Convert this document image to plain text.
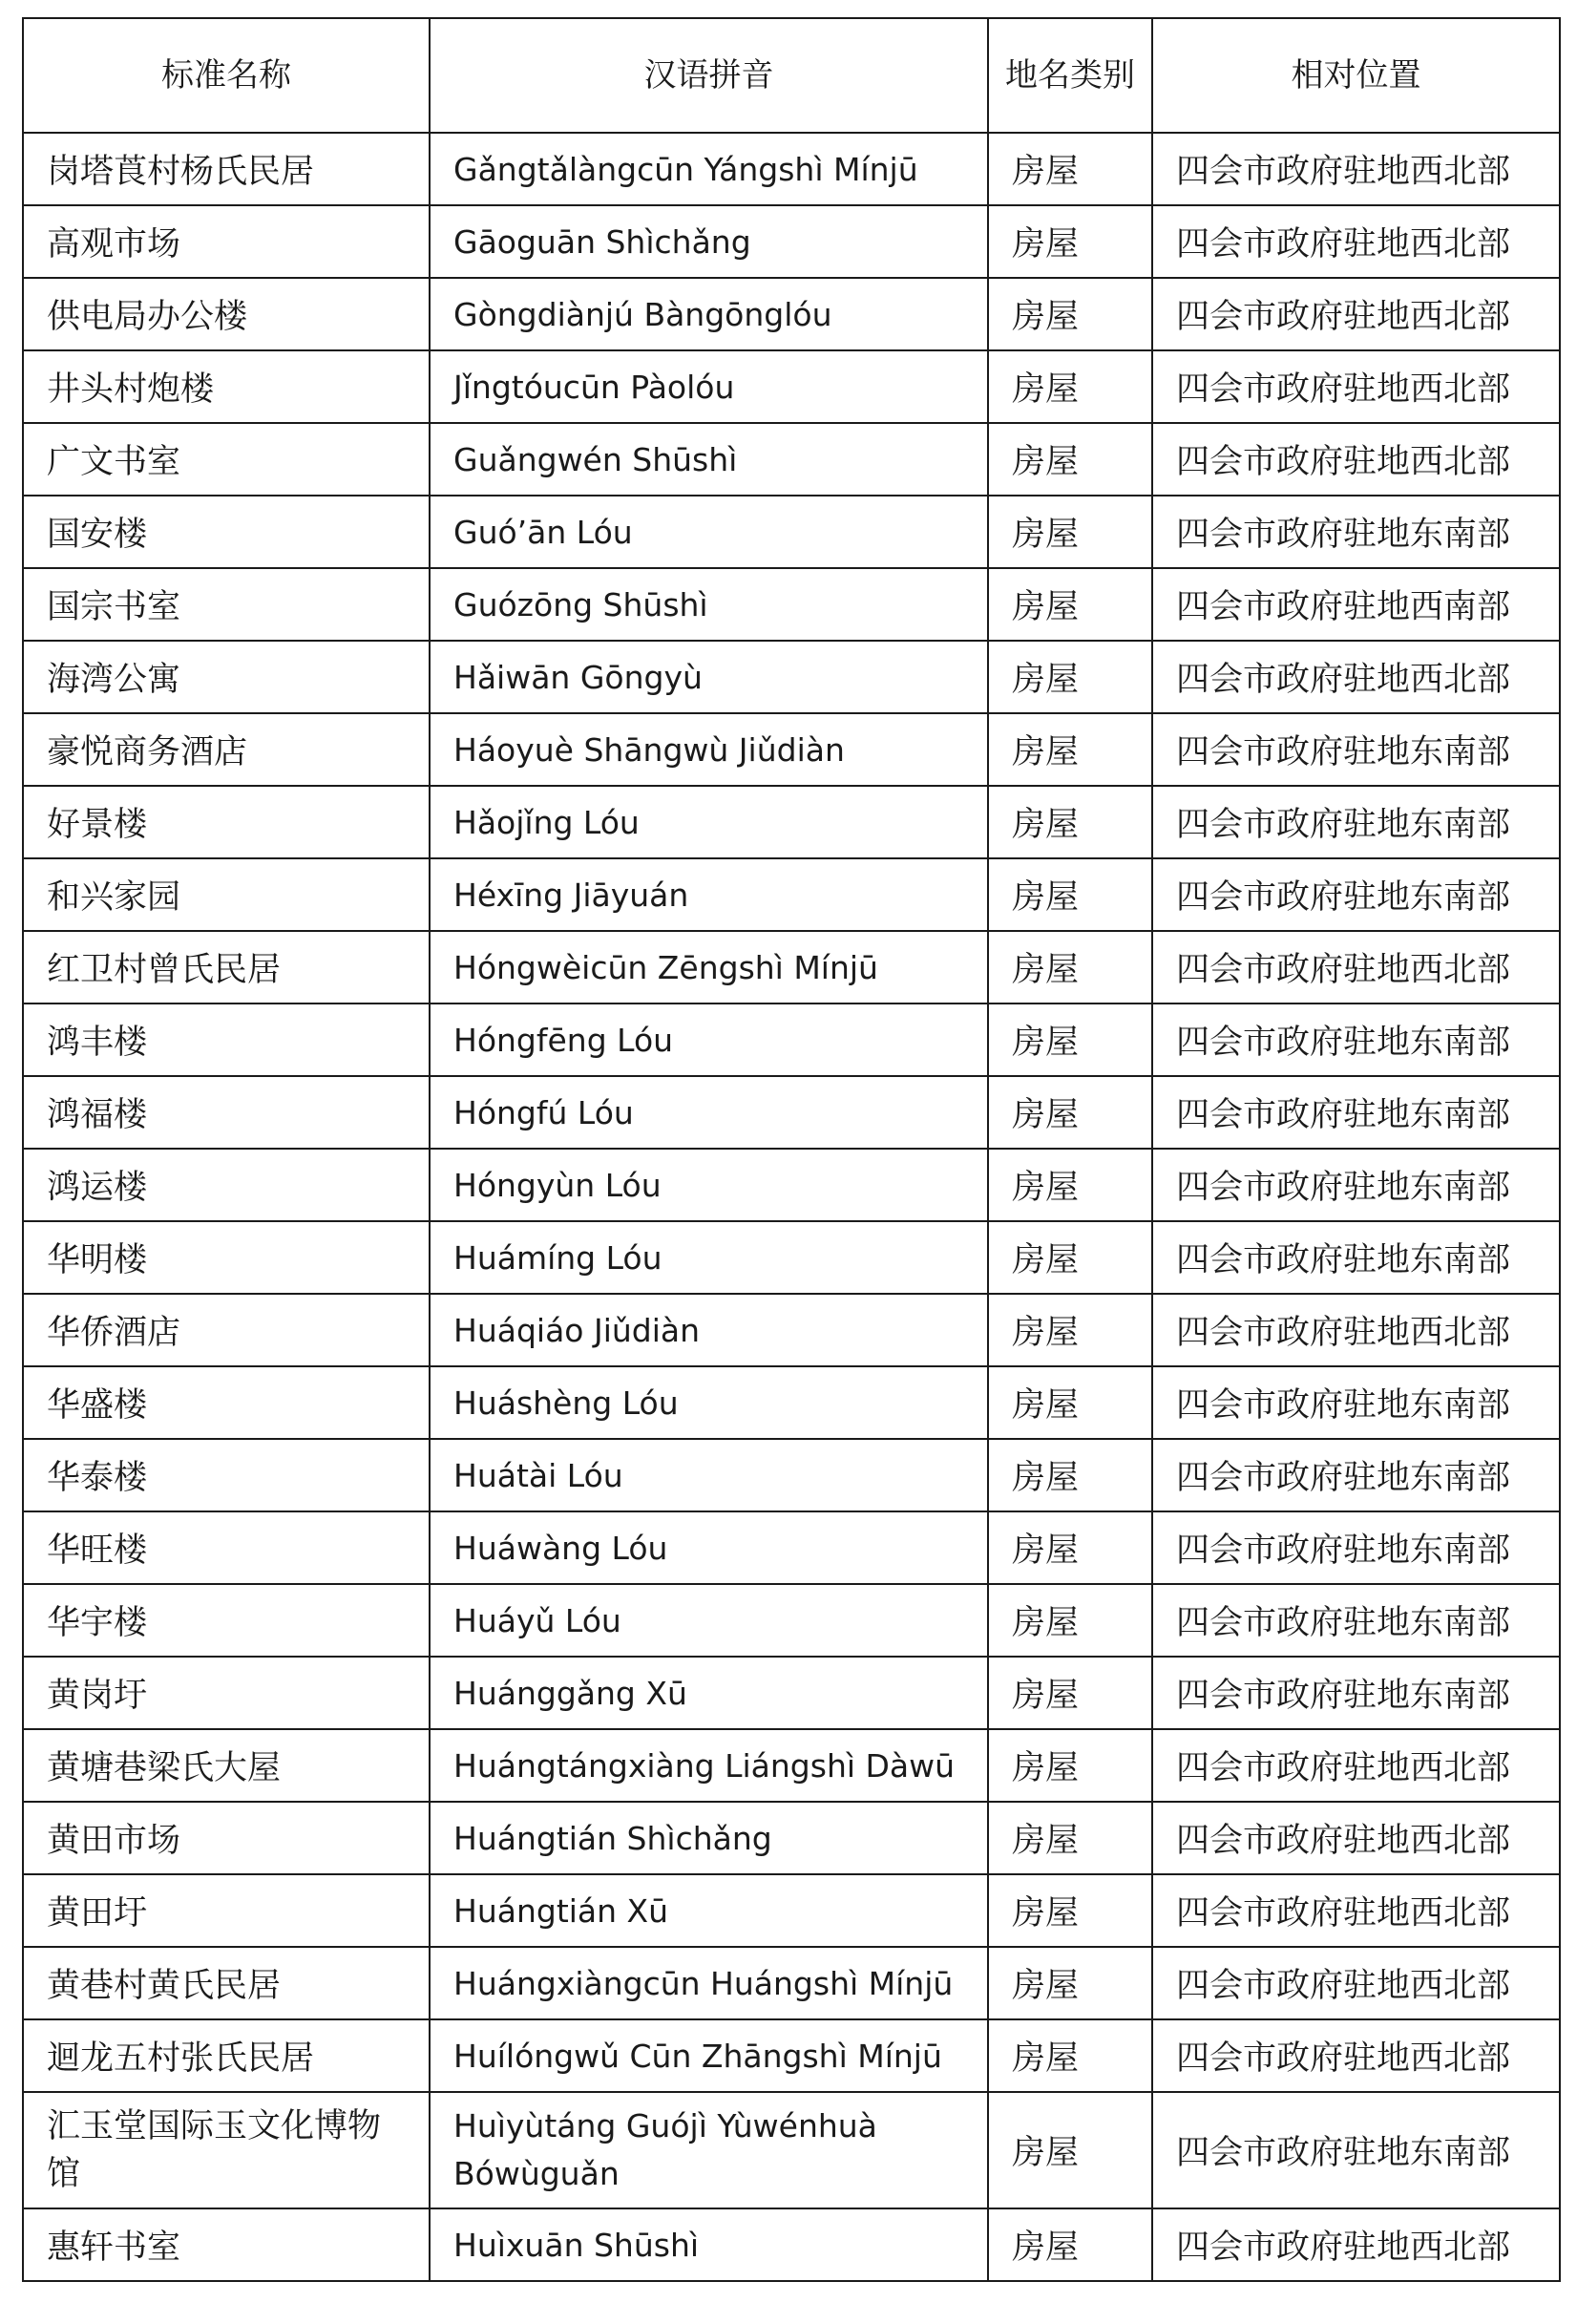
标准名称	汉语拼音	地名类别	相对位置
岗塔莨村杨氏民居	Gǎngtǎlàngcūn Yángshì Mínjū	房屋	四会市政府驻地西北部
高观市场	Gāoguān Shìchǎng	房屋	四会市政府驻地西北部
供电局办公楼	Gòngdiànjú Bàngōnglóu	房屋	四会市政府驻地西北部
井头村炮楼	Jǐngtóucūn Pàolóu	房屋	四会市政府驻地西北部
广文书室	Guǎngwén Shūshì	房屋	四会市政府驻地西北部
国安楼	Guó’ān Lóu	房屋	四会市政府驻地东南部
国宗书室	Guózōng Shūshì	房屋	四会市政府驻地西南部
海湾公寓	Hǎiwān Gōngyù	房屋	四会市政府驻地西北部
豪悦商务酒店	Háoyuè Shāngwù Jiǔdiàn	房屋	四会市政府驻地东南部
好景楼	Hǎojǐng Lóu	房屋	四会市政府驻地东南部
和兴家园	Héxīng Jiāyuán	房屋	四会市政府驻地东南部
红卫村曾氏民居	Hóngwèicūn Zēngshì Mínjū	房屋	四会市政府驻地西北部
鸿丰楼	Hóngfēng Lóu	房屋	四会市政府驻地东南部
鸿福楼	Hóngfú Lóu	房屋	四会市政府驻地东南部
鸿运楼	Hóngyùn Lóu	房屋	四会市政府驻地东南部
华明楼	Huámíng Lóu	房屋	四会市政府驻地东南部
华侨酒店	Huáqiáo Jiǔdiàn	房屋	四会市政府驻地西北部
华盛楼	Huáshèng Lóu	房屋	四会市政府驻地东南部
华泰楼	Huátài Lóu	房屋	四会市政府驻地东南部
华旺楼	Huáwàng Lóu	房屋	四会市政府驻地东南部
华宇楼	Huáyǔ Lóu	房屋	四会市政府驻地东南部
黄岗圩	Huánggǎng Xū	房屋	四会市政府驻地东南部
黄塘巷梁氏大屋	Huángtángxiàng Liángshì Dàwū	房屋	四会市政府驻地西北部
黄田市场	Huángtián Shìchǎng	房屋	四会市政府驻地西北部
黄田圩	Huángtián Xū	房屋	四会市政府驻地西北部
黄巷村黄氏民居	Huángxiàngcūn Huángshì Mínjū	房屋	四会市政府驻地西北部
迴龙五村张氏民居	Huílóngwǔ Cūn Zhāngshì Mínjū	房屋	四会市政府驻地西北部
汇玉堂国际玉文化博物馆	Huìyùtáng Guójì Yùwénhuà Bówùguǎn	房屋	四会市政府驻地东南部
惠轩书室	Huìxuān Shūshì	房屋	四会市政府驻地西北部
